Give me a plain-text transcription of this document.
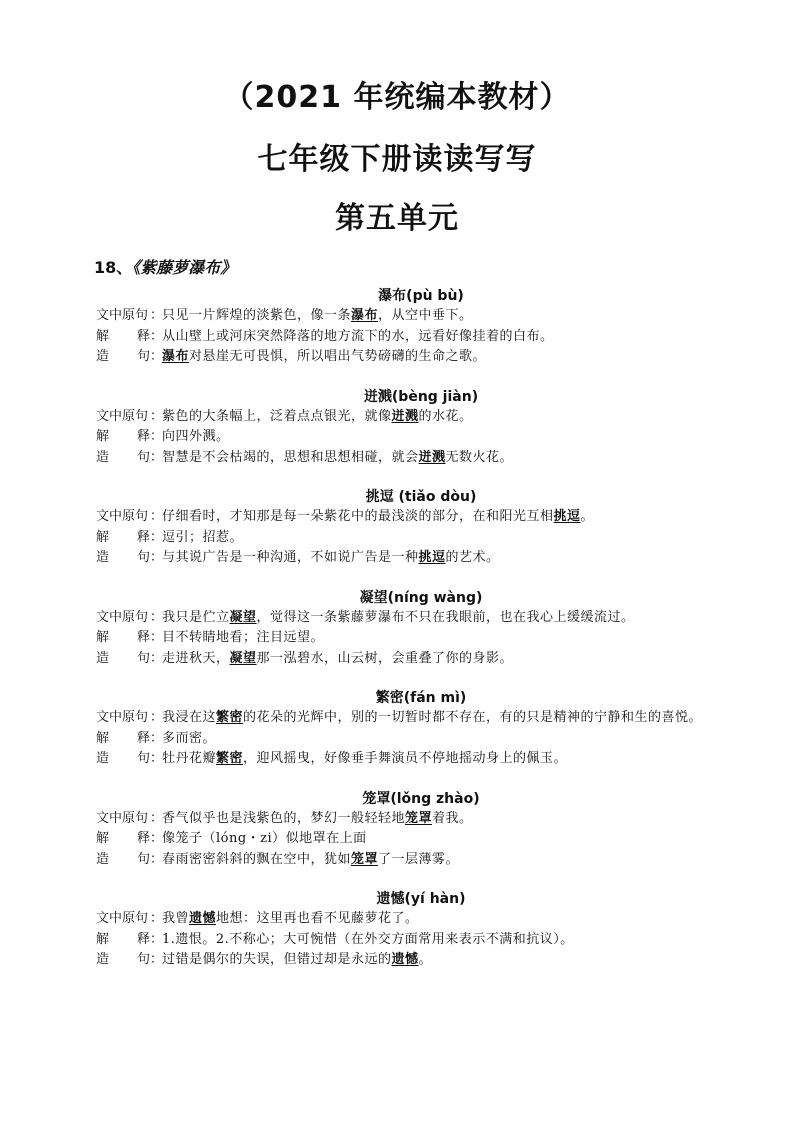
（2021 年统编本教材）
七年级下册读读写写
第五单元
18、《紫藤萝瀑布》
瀑布(pù bù)
文中原句 ：
只见一片辉煌的淡紫色，像一条瀑布，从空中垂下。
解 释 ：
从山壁上或河床突然降落的地方流下的水，远看好像挂着的白布。
造 句 ：
瀑布对悬崖无可畏惧，所以唱出气势磅礴的生命之歌。
迸溅(bèng jiàn)
文中原句 ：
紫色的大条幅上，泛着点点银光，就像迸溅的水花。
解 释 ：
向四外溅。
造 句 ：
智慧是不会枯竭的，思想和思想相碰，就会迸溅无数火花。
挑逗 (tiǎo dòu)
文中原句 ：
仔细看时，才知那是每一朵紫花中的最浅淡的部分，在和阳光互相挑逗。
解 释 ：
逗引；招惹。
造 句 ：
与其说广告是一种沟通，不如说广告是一种挑逗的艺术。
凝望(níng wàng)
文中原句 ：
我只是伫立凝望，觉得这一条紫藤萝瀑布不只在我眼前，也在我心上缓缓流过。
解 释 ：
目不转睛地看；注目远望。
造 句 ：
走进秋天，凝望那一泓碧水，山云树，会重叠了你的身影。
繁密(fán mì)
文中原句 ：
我浸在这繁密的花朵的光辉中，别的一切暂时都不存在，有的只是精神的宁静和生的喜悦。
解 释 ：
多而密。
造 句 ：
牡丹花瓣繁密，迎风摇曳，好像垂手舞演员不停地摇动身上的佩玉。
笼罩(lǒng zhào)
文中原句 ：
香气似乎也是浅紫色的，梦幻一般轻轻地笼罩着我。
解 释 ：
像笼子（lóng・zi）似地罩在上面
造 句 ：
春雨密密斜斜的飘在空中，犹如笼罩了一层薄雾。
遗憾(yí hàn)
文中原句 ：
我曾遗憾地想：这里再也看不见藤萝花了。
解 释 ：
1.遗恨。2.不称心；大可惋惜（在外交方面常用来表示不满和抗议）。
造 句 ：
过错是偶尔的失误，但错过却是永远的遗憾。
